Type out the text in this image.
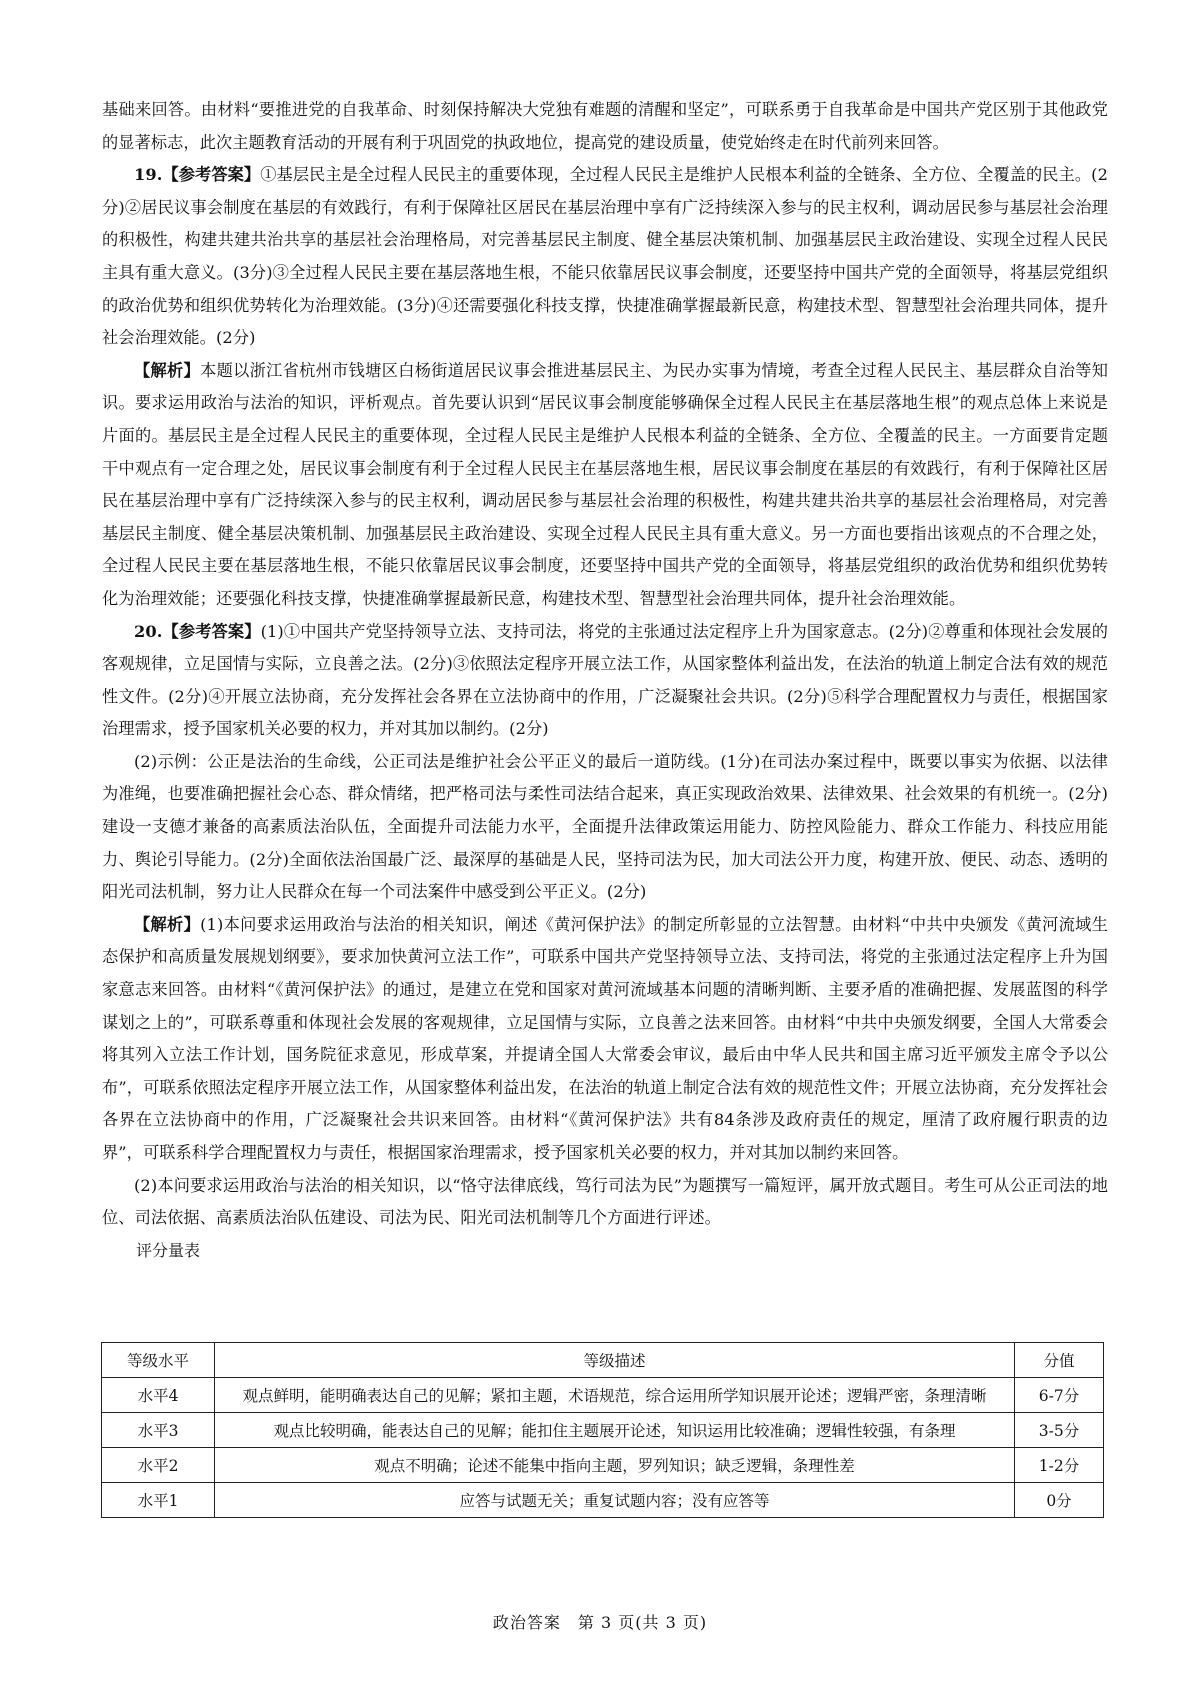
基础来回答。由材料“要推进党的自我革命、时刻保持解决大党独有难题的清醒和坚定”，可联系勇于自我革命是中国共产党区别于其他政党的显著标志，此次主题教育活动的开展有利于巩固党的执政地位，提高党的建设质量，使党始终走在时代前列来回答。

19.【参考答案】①基层民主是全过程人民民主的重要体现，全过程人民民主是维护人民根本利益的全链条、全方位、全覆盖的民主。(2分)②居民议事会制度在基层的有效践行，有利于保障社区居民在基层治理中享有广泛持续深入参与的民主权利，调动居民参与基层社会治理的积极性，构建共建共治共享的基层社会治理格局，对完善基层民主制度、健全基层决策机制、加强基层民主政治建设、实现全过程人民民主具有重大意义。(3分)③全过程人民民主要在基层落地生根，不能只依靠居民议事会制度，还要坚持中国共产党的全面领导，将基层党组织的政治优势和组织优势转化为治理效能。(3分)④还需要强化科技支撑，快捷准确掌握最新民意，构建技术型、智慧型社会治理共同体，提升社会治理效能。(2分)

【解析】本题以浙江省杭州市钱塘区白杨街道居民议事会推进基层民主、为民办实事为情境，考查全过程人民民主、基层群众自治等知识。要求运用政治与法治的知识，评析观点。首先要认识到“居民议事会制度能够确保全过程人民民主在基层落地生根”的观点总体上来说是片面的。基层民主是全过程人民民主的重要体现，全过程人民民主是维护人民根本利益的全链条、全方位、全覆盖的民主。一方面要肯定题干中观点有一定合理之处，居民议事会制度有利于全过程人民民主在基层落地生根，居民议事会制度在基层的有效践行，有利于保障社区居民在基层治理中享有广泛持续深入参与的民主权利，调动居民参与基层社会治理的积极性，构建共建共治共享的基层社会治理格局，对完善基层民主制度、健全基层决策机制、加强基层民主政治建设、实现全过程人民民主具有重大意义。另一方面也要指出该观点的不合理之处，全过程人民民主要在基层落地生根，不能只依靠居民议事会制度，还要坚持中国共产党的全面领导，将基层党组织的政治优势和组织优势转化为治理效能；还要强化科技支撑，快捷准确掌握最新民意，构建技术型、智慧型社会治理共同体，提升社会治理效能。

20.【参考答案】(1)①中国共产党坚持领导立法、支持司法，将党的主张通过法定程序上升为国家意志。(2分)②尊重和体现社会发展的客观规律，立足国情与实际，立良善之法。(2分)③依照法定程序开展立法工作，从国家整体利益出发，在法治的轨道上制定合法有效的规范性文件。(2分)④开展立法协商，充分发挥社会各界在立法协商中的作用，广泛凝聚社会共识。(2分)⑤科学合理配置权力与责任，根据国家治理需求，授予国家机关必要的权力，并对其加以制约。(2分)

(2)示例：公正是法治的生命线，公正司法是维护社会公平正义的最后一道防线。(1分)在司法办案过程中，既要以事实为依据、以法律为准绳，也要准确把握社会心态、群众情绪，把严格司法与柔性司法结合起来，真正实现政治效果、法律效果、社会效果的有机统一。(2分)建设一支德才兼备的高素质法治队伍，全面提升司法能力水平，全面提升法律政策运用能力、防控风险能力、群众工作能力、科技应用能力、舆论引导能力。(2分)全面依法治国最广泛、最深厚的基础是人民，坚持司法为民，加大司法公开力度，构建开放、便民、动态、透明的阳光司法机制，努力让人民群众在每一个司法案件中感受到公平正义。(2分)

【解析】(1)本问要求运用政治与法治的相关知识，阐述《黄河保护法》的制定所彰显的立法智慧。由材料“中共中央颁发《黄河流域生态保护和高质量发展规划纲要》，要求加快黄河立法工作”，可联系中国共产党坚持领导立法、支持司法，将党的主张通过法定程序上升为国家意志来回答。由材料“《黄河保护法》的通过，是建立在党和国家对黄河流域基本问题的清晰判断、主要矛盾的准确把握、发展蓝图的科学谋划之上的”，可联系尊重和体现社会发展的客观规律，立足国情与实际，立良善之法来回答。由材料“中共中央颁发纲要，全国人大常委会将其列入立法工作计划，国务院征求意见，形成草案，并提请全国人大常委会审议，最后由中华人民共和国主席习近平颁发主席令予以公布”，可联系依照法定程序开展立法工作，从国家整体利益出发，在法治的轨道上制定合法有效的规范性文件；开展立法协商，充分发挥社会各界在立法协商中的作用，广泛凝聚社会共识来回答。由材料“《黄河保护法》共有84条涉及政府责任的规定，厘清了政府履行职责的边界”，可联系科学合理配置权力与责任，根据国家治理需求，授予国家机关必要的权力，并对其加以制约来回答。

(2)本问要求运用政治与法治的相关知识，以“恪守法律底线，笃行司法为民”为题撰写一篇短评，属开放式题目。考生可从公正司法的地位、司法依据、高素质法治队伍建设、司法为民、阳光司法机制等几个方面进行评述。

评分量表

等级水平	等级描述	分值
水平4	观点鲜明，能明确表达自己的见解；紧扣主题，术语规范，综合运用所学知识展开论述；逻辑严密，条理清晰	6-7分
水平3	观点比较明确，能表达自己的见解；能扣住主题展开论述，知识运用比较准确；逻辑性较强，有条理	3-5分
水平2	观点不明确；论述不能集中指向主题，罗列知识；缺乏逻辑，条理性差	1-2分
水平1	应答与试题无关；重复试题内容；没有应答等	0分
政治答案　第 3 页(共 3 页)
